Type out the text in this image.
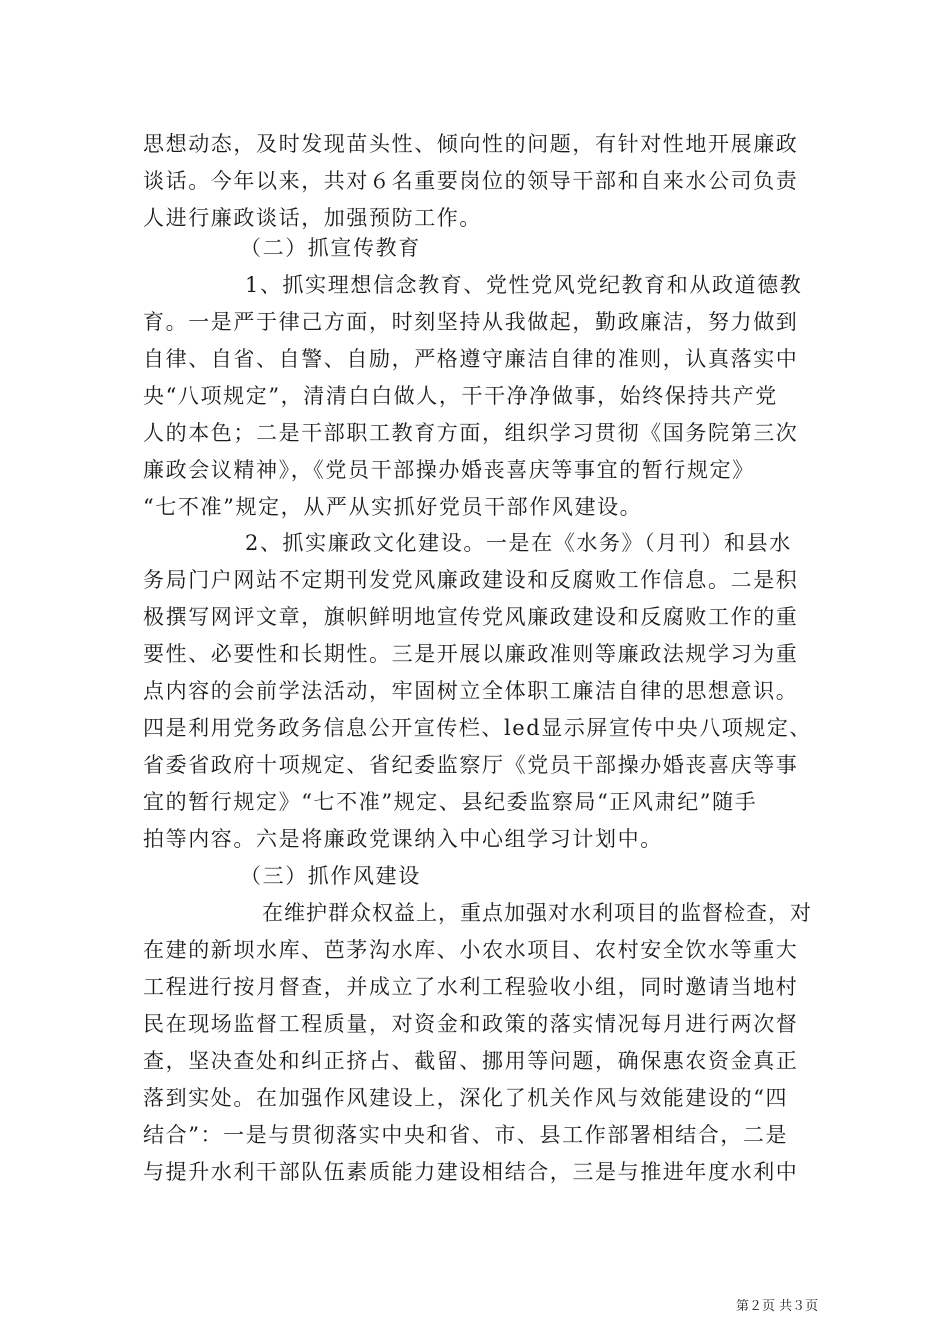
思想动态，及时发现苗头性、倾向性的问题，有针对性地开展廉政
谈话。今年以来，共对６名重要岗位的领导干部和自来水公司负责
人进行廉政谈话，加强预防工作。
（二）抓宣传教育
1、抓实理想信念教育、党性党风党纪教育和从政道德教
育。一是严于律己方面，时刻坚持从我做起，勤政廉洁，努力做到
自律、自省、自警、自励，严格遵守廉洁自律的准则，认真落实中
央“八项规定”，清清白白做人，干干净净做事，始终保持共产党
人的本色；二是干部职工教育方面，组织学习贯彻《国务院第三次
廉政会议精神》，《党员干部操办婚丧喜庆等事宜的暂行规定》
“七不准”规定，从严从实抓好党员干部作风建设。
2、抓实廉政文化建设。一是在《水务》（月刊）和县水
务局门户网站不定期刊发党风廉政建设和反腐败工作信息。二是积
极撰写网评文章，旗帜鲜明地宣传党风廉政建设和反腐败工作的重
要性、必要性和长期性。三是开展以廉政准则等廉政法规学习为重
点内容的会前学法活动，牢固树立全体职工廉洁自律的思想意识。
四是利用党务政务信息公开宣传栏、led显示屏宣传中央八项规定、
省委省政府十项规定、省纪委监察厅《党员干部操办婚丧喜庆等事
宜的暂行规定》“七不准”规定、县纪委监察局“正风肃纪”随手
拍等内容。六是将廉政党课纳入中心组学习计划中。
（三）抓作风建设
在维护群众权益上，重点加强对水利项目的监督检查，对
在建的新坝水库、芭茅沟水库、小农水项目、农村安全饮水等重大
工程进行按月督查，并成立了水利工程验收小组，同时邀请当地村
民在现场监督工程质量，对资金和政策的落实情况每月进行两次督
查，坚决查处和纠正挤占、截留、挪用等问题，确保惠农资金真正
落到实处。在加强作风建设上，深化了机关作风与效能建设的“四
结合”：一是与贯彻落实中央和省、市、县工作部署相结合，二是
与提升水利干部队伍素质能力建设相结合，三是与推进年度水利中
第２页 共３页
